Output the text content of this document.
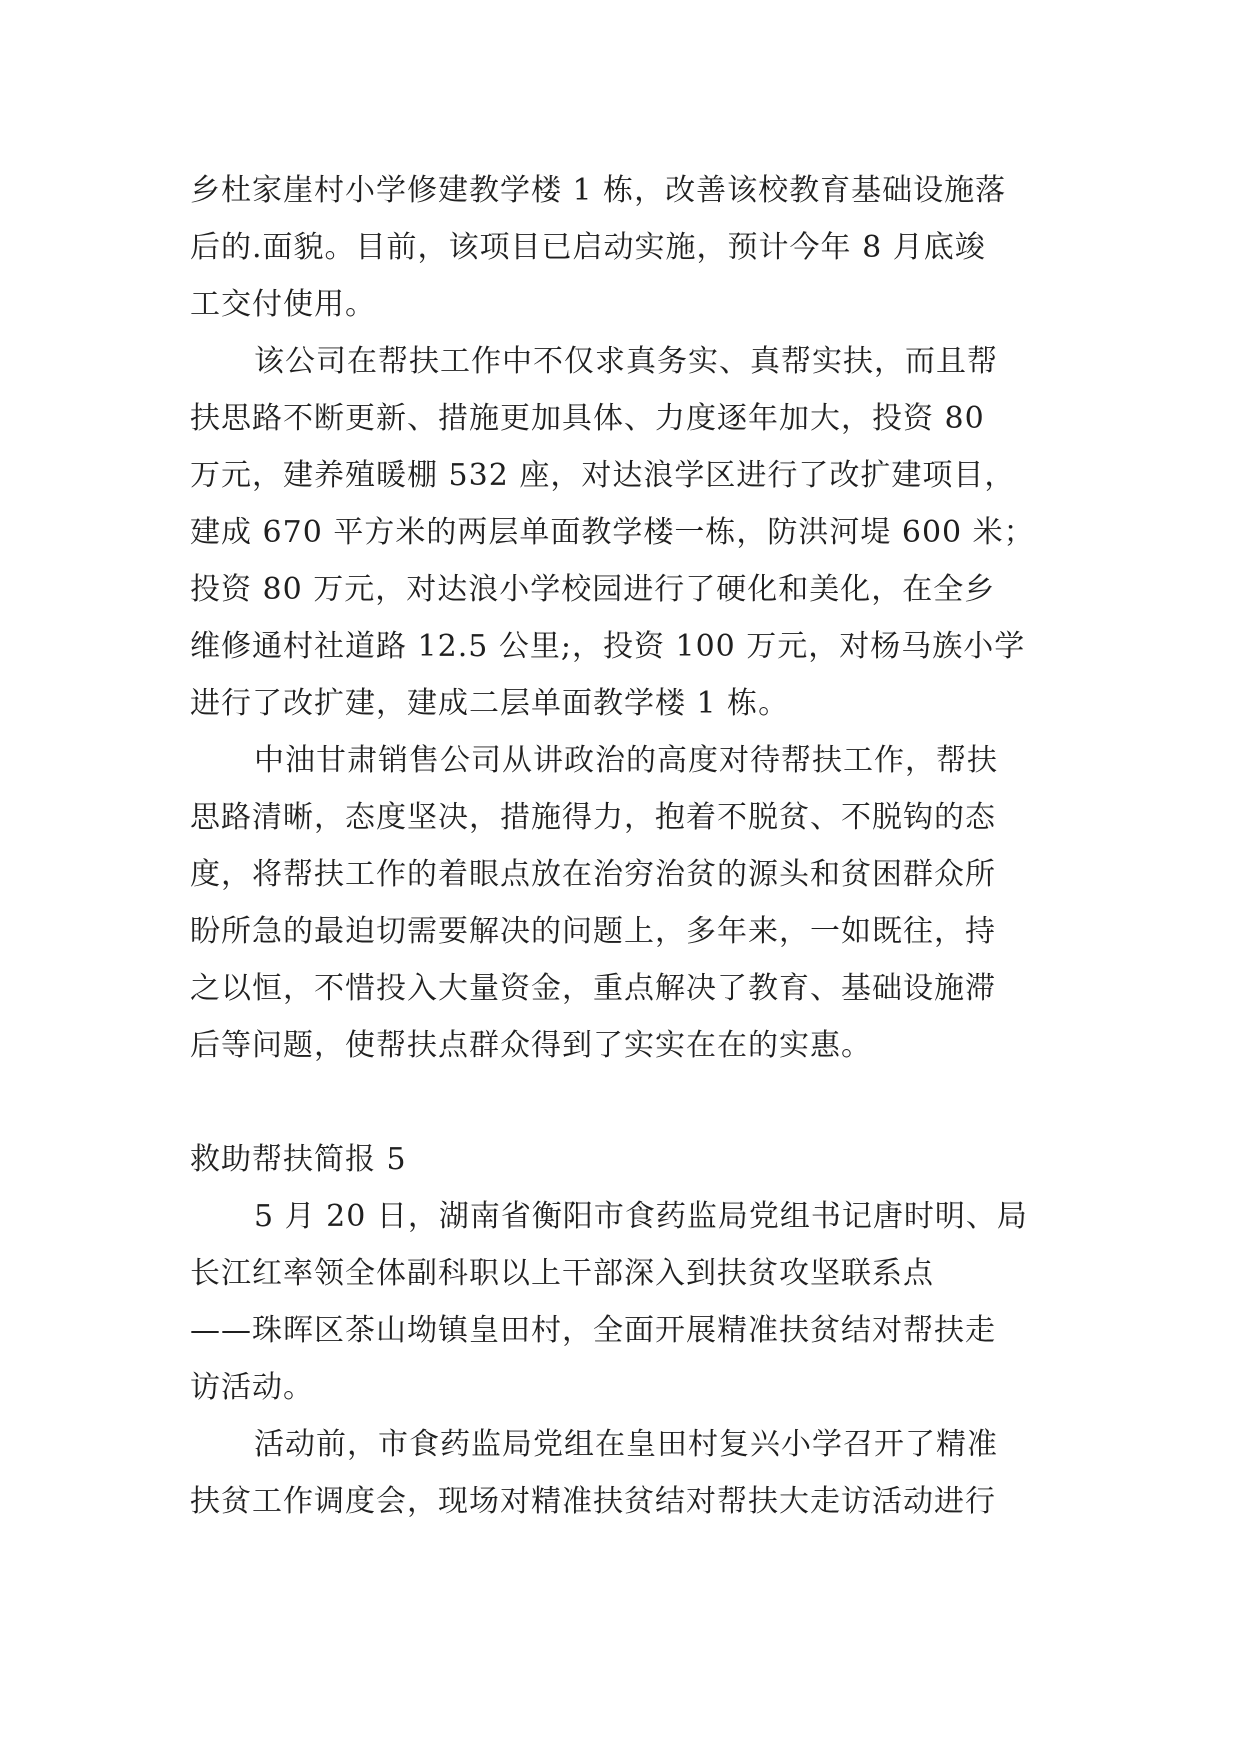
乡杜家崖村小学修建教学楼 1 栋，改善该校教育基础设施落
后的.面貌。目前，该项目已启动实施，预计今年 8 月底竣
工交付使用。
该公司在帮扶工作中不仅求真务实、真帮实扶，而且帮
扶思路不断更新、措施更加具体、力度逐年加大，投资 80
万元，建养殖暖棚 532 座，对达浪学区进行了改扩建项目，
建成 670 平方米的两层单面教学楼一栋，防洪河堤 600 米；
投资 80 万元，对达浪小学校园进行了硬化和美化，在全乡
维修通村社道路 12.5 公里;，投资 100 万元，对杨马族小学
进行了改扩建，建成二层单面教学楼 1 栋。
中油甘肃销售公司从讲政治的高度对待帮扶工作，帮扶
思路清晰，态度坚决，措施得力，抱着不脱贫、不脱钩的态
度，将帮扶工作的着眼点放在治穷治贫的源头和贫困群众所
盼所急的最迫切需要解决的问题上，多年来，一如既往，持
之以恒，不惜投入大量资金，重点解决了教育、基础设施滞
后等问题，使帮扶点群众得到了实实在在的实惠。
救助帮扶简报 5
5 月 20 日，湖南省衡阳市食药监局党组书记唐时明、局
长江红率领全体副科职以上干部深入到扶贫攻坚联系点
——珠晖区茶山坳镇皇田村，全面开展精准扶贫结对帮扶走
访活动。
活动前，市食药监局党组在皇田村复兴小学召开了精准
扶贫工作调度会，现场对精准扶贫结对帮扶大走访活动进行
